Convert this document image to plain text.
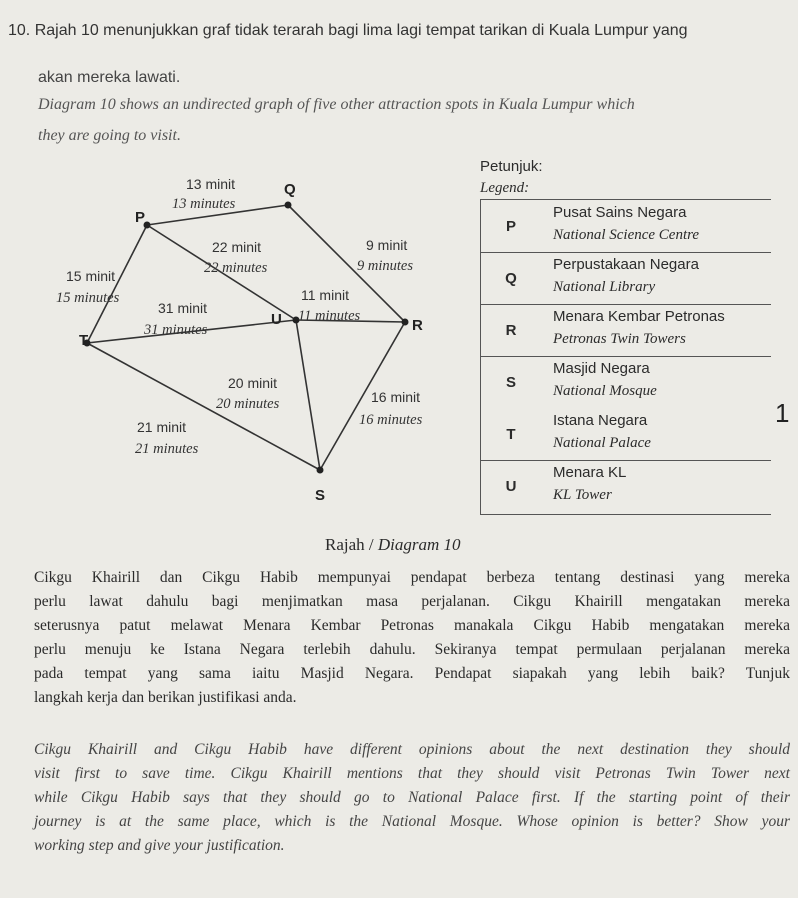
10. Rajah 10 menunjukkan graf tidak terarah bagi lima lagi tempat tarikan di Kuala Lumpur yang
akan mereka lawati.
Diagram 10 shows an undirected graph of five other attraction spots in Kuala Lumpur which
they are going to visit.
P
Q
R
U
T
S
13 minit
13 minutes
15 minit
15 minutes
22 minit
22 minutes
9 minit
9 minutes
11 minit
11 minutes
31 minit
31 minutes
20 minit
20 minutes	16 minit
16 minutes
21 minit
21 minutes
Petunjuk:
Legend:
P
Pusat Sains Negara
National Science Centre
Q
Perpustakaan Negara
National Library
R
Menara Kembar Petronas
Petronas Twin Towers
S
Masjid Negara
National Mosque
T
Istana Negara
National Palace
U
Menara KL
KL Tower
1
Rajah / Diagram 10
Cikgu Khairill dan Cikgu Habib mempunyai pendapat berbeza tentang destinasi yang mereka
perlu lawat dahulu bagi menjimatkan masa perjalanan. Cikgu Khairill mengatakan mereka
seterusnya patut melawat Menara Kembar Petronas manakala Cikgu Habib mengatakan mereka
perlu menuju ke Istana Negara terlebih dahulu. Sekiranya tempat permulaan perjalanan mereka
pada tempat yang sama iaitu Masjid Negara. Pendapat siapakah yang lebih baik? Tunjuk
langkah kerja dan berikan justifikasi anda.
Cikgu Khairill and Cikgu Habib have different opinions about the next destination they should
visit first to save time. Cikgu Khairill mentions that they should visit Petronas Twin Tower next
while Cikgu Habib says that they should go to National Palace first. If the starting point of their
journey is at the same place, which is the National Mosque. Whose opinion is better? Show your
working step and give your justification.
